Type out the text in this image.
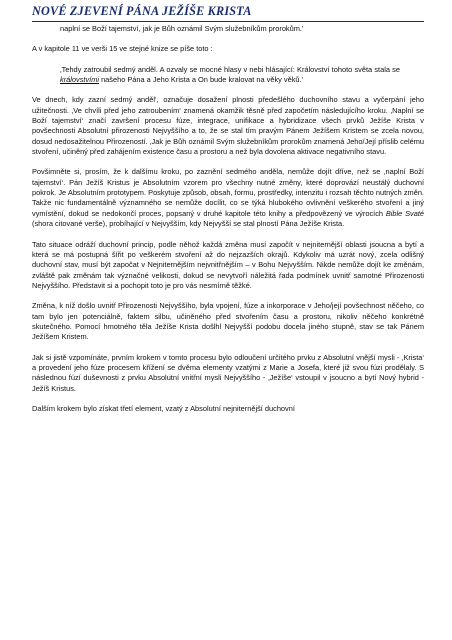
NOVÉ ZJEVENÍ PÁNA JEŽÍŠE KRISTA

naplní se Boží tajemství, jak je Bůh oznámil Svým služebníkům prorokům.'

A v kapitole 11 ve verši 15 ve stejné knize se píše toto :

‚Tehdy zatroubil sedmý anděl. A ozvaly se mocné hlasy v nebi hlásající: Království tohoto světa stala se královstvími našeho Pána a Jeho Krista a On bude kralovat na věky věků.'

Ve dnech, kdy zazní sedmý anděl‘, označuje dosažení plnosti předešlého duchovního stavu a vyčerpání jeho užitečnosti. ‚Ve chvíli před jeho zatroubením‘ znamená okamžik těsně před započetím následujícího kroku. ‚Naplní se Boží tajemství‘ značí završení procesu fúze, integrace, unifikace a hybridizace všech prvků Ježíše Krista v povšechnosti Absolutní přirozenosti Nejvyššího a to, že se stal tím pravým Pánem Ježíšem Kristem se zcela novou, dosud nedosažitelnou Přirozeností. ‚Jak je Bůh oznámil Svým služebníkům prorokům znamená Jeho/Její příslib celému stvoření, učiněný před zahájením existence času a prostoru a než byla dovolena aktivace negativního stavu.

Povšimněte si, prosím, že k dalšímu kroku, po zaznění sedmého anděla, nemůže dojít dříve, než se ‚naplní Boží tajemství‘. Pán Ježíš Kristus je Absolutním vzorem pro všechny nutné změny, které doprovází neustálý duchovní pokrok. Je Absolutním prototypem. Poskytuje způsob, obsah, formu, prostředky, intenzitu i rozsah těchto nutných změn. Takže nic fundamentálně významného se nemůže docílit, co se týká hlubokého ovlivnění veškerého stvoření a jiný vymístění, dokud se nedokončí proces, popsaný v druhé kapitole této knihy a předpovězený ve výrocích Bible Svaté (shora citované verše), probíhající v Nejvyšším, kdy Nejvyšší se stal plností Pána Ježíše Krista.

Tato situace odráží duchovní princip, podle něhož každá změna musí započít v nejniternější oblasti jsoucna a bytí a která se má postupná šířit po veškerém stvoření až do nejzazších okrajů. Kdykoliv má uzrát nový, zcela odlišný duchovní stav, musí být započat v Nejniternějším nejvnitřnějším – v Bohu Nejvyšším. Nikde nemůže dojít ke změnám, zvláště pak změnám tak význačné velikosti, dokud se nevytvoří náležitá řada podmínek uvnitř samotné Přirozenosti Nejvyššího. Představit si a pochopit toto je pro vás nesmírně těžké.

Změna, k níž došlo uvnitř Přirozenosti Nejvyššího, byla vpojení, fúze a inkorporace v Jeho/její povšechnost něčeho, co tam bylo jen potenciálně, faktem silbu, učiněného před stvořením času a prostoru, nikoliv něčeho konkrétně skutečného. Pomocí hmotného těla Ježíše Krista došlhl Nejvyšší podobu docela jiného stupně, stav se tak Pánem Ježíšem Kristem.

Jak si jistě vzpomínáte, prvním krokem v tomto procesu bylo odloučení určitého prvku z Absolutní vnější mysli - ‚Krista‘ a provedení jeho fúze procesem křížení se dvěma elementy vzatými z Marie a Josefa, které již svou fúzi prodělaly. S následnou fúzí duševnosti z prvku Absolutní vnitřní mysli Nejvyššího - ‚Ježíše‘ vstoupil v jsoucno a bytí Nový hybrid - Ježíš Kristus.

Dalším krokem bylo získat třetí element, vzatý z Absolutní nejniternější duchovní
